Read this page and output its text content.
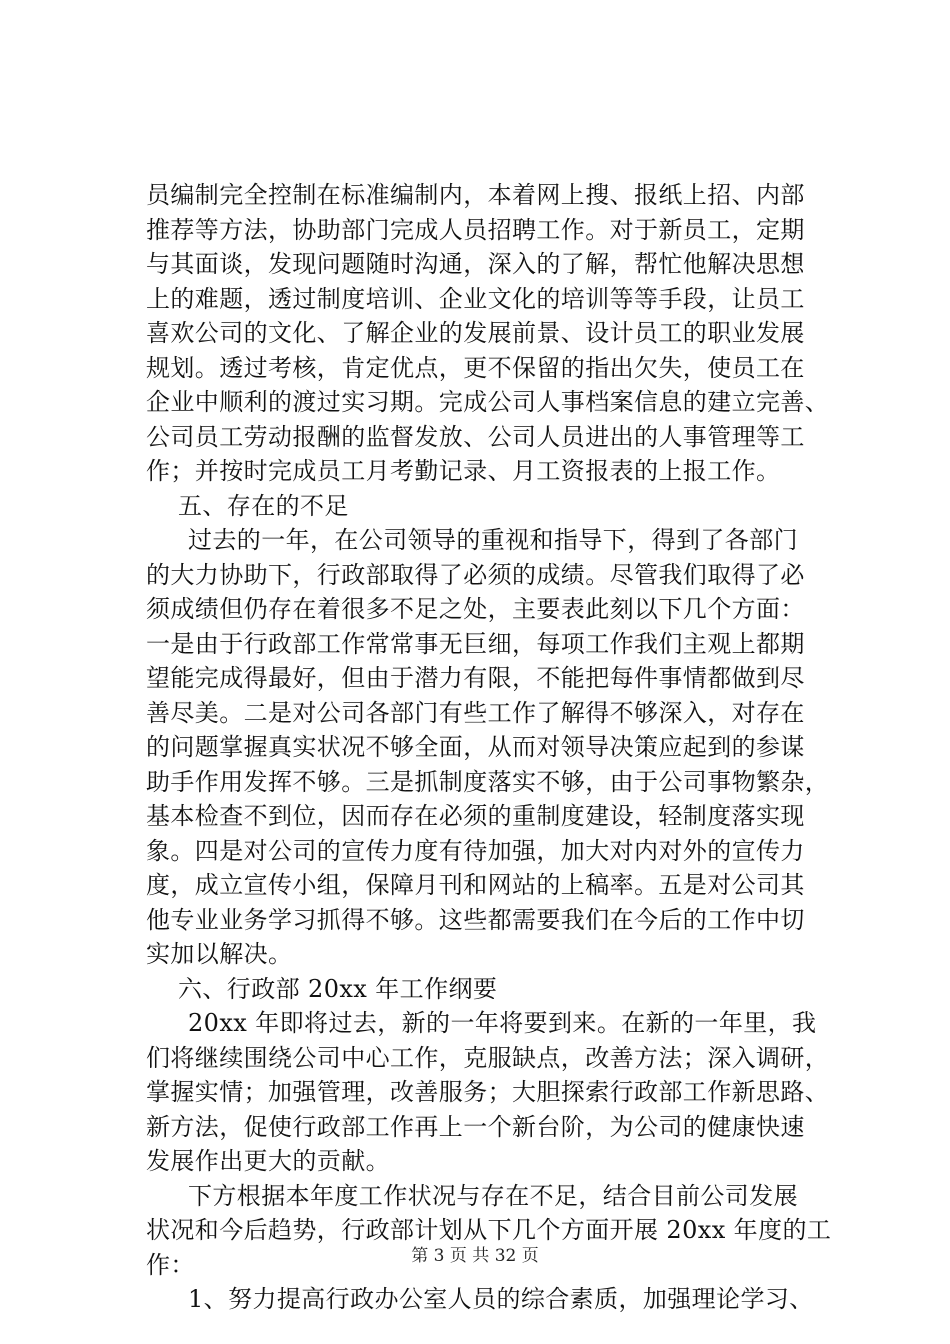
员编制完全控制在标准编制内，本着网上搜、报纸上招、内部
推荐等方法，协助部门完成人员招聘工作。对于新员工，定期
与其面谈，发现问题随时沟通，深入的了解，帮忙他解决思想
上的难题，透过制度培训、企业文化的培训等等手段，让员工
喜欢公司的文化、了解企业的发展前景、设计员工的职业发展
规划。透过考核，肯定优点，更不保留的指出欠失，使员工在
企业中顺利的渡过实习期。完成公司人事档案信息的建立完善、
公司员工劳动报酬的监督发放、公司人员进出的人事管理等工
作；并按时完成员工月考勤记录、月工资报表的上报工作。
五、存在的不足
过去的一年，在公司领导的重视和指导下，得到了各部门
的大力协助下，行政部取得了必须的成绩。尽管我们取得了必
须成绩但仍存在着很多不足之处，主要表此刻以下几个方面：
一是由于行政部工作常常事无巨细，每项工作我们主观上都期
望能完成得最好，但由于潜力有限，不能把每件事情都做到尽
善尽美。二是对公司各部门有些工作了解得不够深入，对存在
的问题掌握真实状况不够全面，从而对领导决策应起到的参谋
助手作用发挥不够。三是抓制度落实不够，由于公司事物繁杂，
基本检查不到位，因而存在必须的重制度建设，轻制度落实现
象。四是对公司的宣传力度有待加强，加大对内对外的宣传力
度，成立宣传小组，保障月刊和网站的上稿率。五是对公司其
他专业业务学习抓得不够。这些都需要我们在今后的工作中切
实加以解决。
六、行政部 20xx 年工作纲要
20xx 年即将过去，新的一年将要到来。在新的一年里，我
们将继续围绕公司中心工作，克服缺点，改善方法；深入调研，
掌握实情；加强管理，改善服务；大胆探索行政部工作新思路、
新方法，促使行政部工作再上一个新台阶，为公司的健康快速
发展作出更大的贡献。
下方根据本年度工作状况与存在不足，结合目前公司发展
状况和今后趋势，行政部计划从下几个方面开展 20xx 年度的工
作：
1、努力提高行政办公室人员的综合素质，加强理论学习、
第 3 页 共 32 页
